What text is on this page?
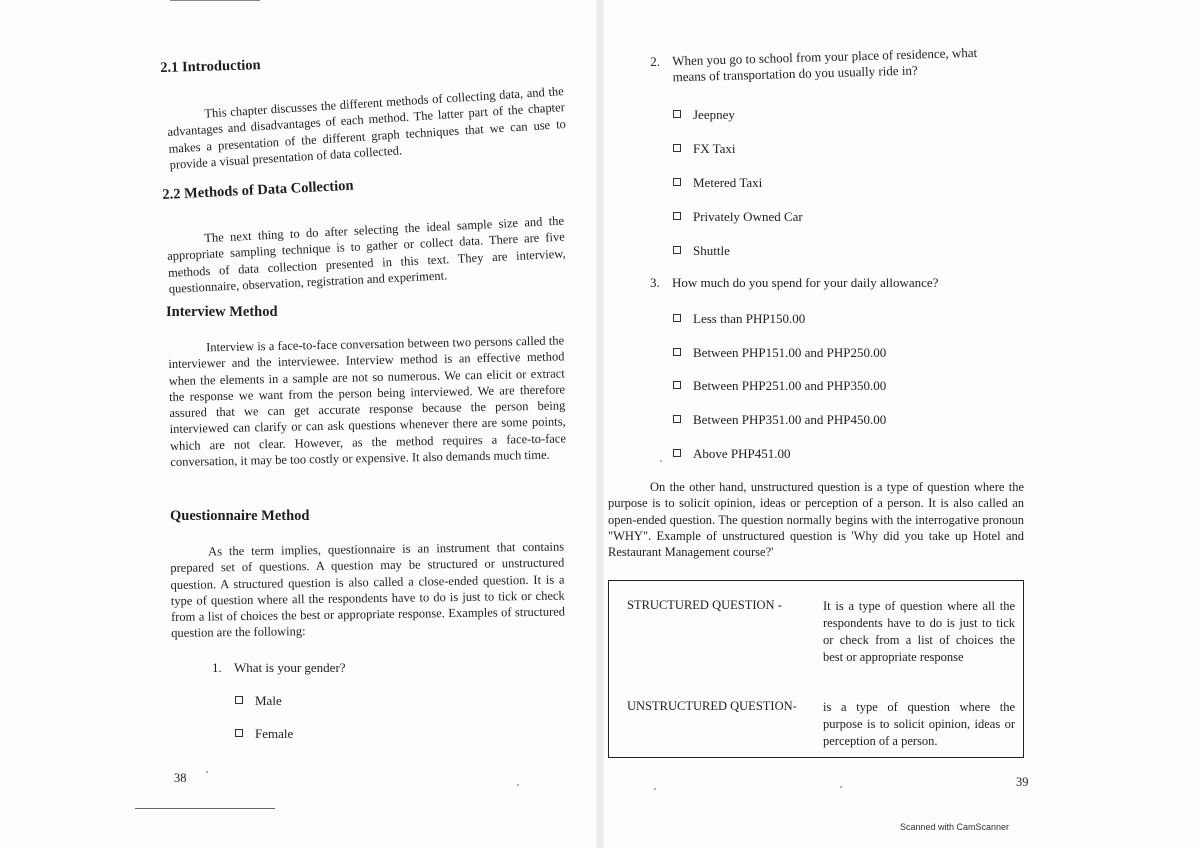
2.1 Introduction

This chapter discusses the different methods of collecting data, and the advantages and disadvantages of each method. The latter part of the chapter makes a presentation of the different graph techniques that we can use to provide a visual presentation of data collected.

2.2 Methods of Data Collection

The next thing to do after selecting the ideal sample size and the appropriate sampling technique is to gather or collect data. There are five methods of data collection presented in this text. They are interview, questionnaire, observation, registration and experiment.

Interview Method

Interview is a face-to-face conversation between two persons called the interviewer and the interviewee. Interview method is an effective method when the elements in a sample are not so numerous. We can elicit or extract the response we want from the person being interviewed. We are therefore assured that we can get accurate response because the person being interviewed can clarify or can ask questions whenever there are some points, which are not clear. However, as the method requires a face-to-face conversation, it may be too costly or expensive. It also demands much time.

Questionnaire Method

As the term implies, questionnaire is an instrument that contains prepared set of questions. A question may be structured or unstructured question. A structured question is also called a close-ended question. It is a type of question where all the respondents have to do is just to tick or check from a list of choices the best or appropriate response. Examples of structured question are the following:

1. What is your gender?
Male
Female
38
2. When you go to school from your place of residence, what
means of transportation do you usually ride in?
Jeepney
FX Taxi
Metered Taxi
Privately Owned Car
Shuttle
3. How much do you spend for your daily allowance?
Less than PHP150.00
Between PHP151.00 and PHP250.00
Between PHP251.00 and PHP350.00
Between PHP351.00 and PHP450.00
Above PHP451.00

On the other hand, unstructured question is a type of question where the purpose is to solicit opinion, ideas or perception of a person. It is also called an open-ended question. The question normally begins with the interrogative pronoun "WHY". Example of unstructured question is 'Why did you take up Hotel and Restaurant Management course?'

39
Scanned with CamScanner
STRUCTURED QUESTION -	It is a type of question where all the respondents have to do is just to tick or check from a list of choices the best or appropriate response
UNSTRUCTURED QUESTION- is a type of question where the purpose is to solicit opinion, ideas or perception of a person.
